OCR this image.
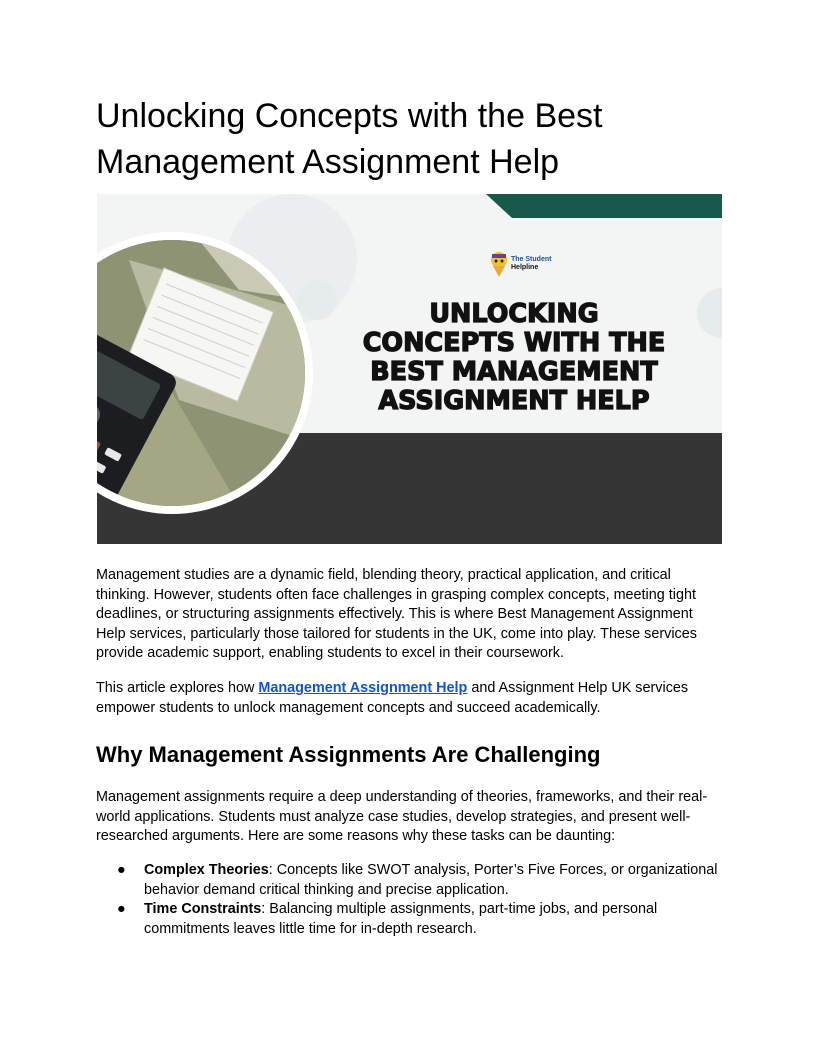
Unlocking Concepts with the Best Management Assignment Help
The Student
Helpline
UNLOCKING
CONCEPTS WITH THE
BEST MANAGEMENT
ASSIGNMENT HELP

Management studies are a dynamic field, blending theory, practical application, and critical thinking. However, students often face challenges in grasping complex concepts, meeting tight deadlines, or structuring assignments effectively. This is where Best Management Assignment Help services, particularly those tailored for students in the UK, come into play. These services provide academic support, enabling students to excel in their coursework.

This article explores how Management Assignment Help and Assignment Help UK services empower students to unlock management concepts and succeed academically.

Why Management Assignments Are Challenging

Management assignments require a deep understanding of theories, frameworks, and their real-world applications. Students must analyze case studies, develop strategies, and present well-researched arguments. Here are some reasons why these tasks can be daunting:

● Complex Theories: Concepts like SWOT analysis, Porter’s Five Forces, or organizational behavior demand critical thinking and precise application.
● Time Constraints: Balancing multiple assignments, part-time jobs, and personal commitments leaves little time for in-depth research.
